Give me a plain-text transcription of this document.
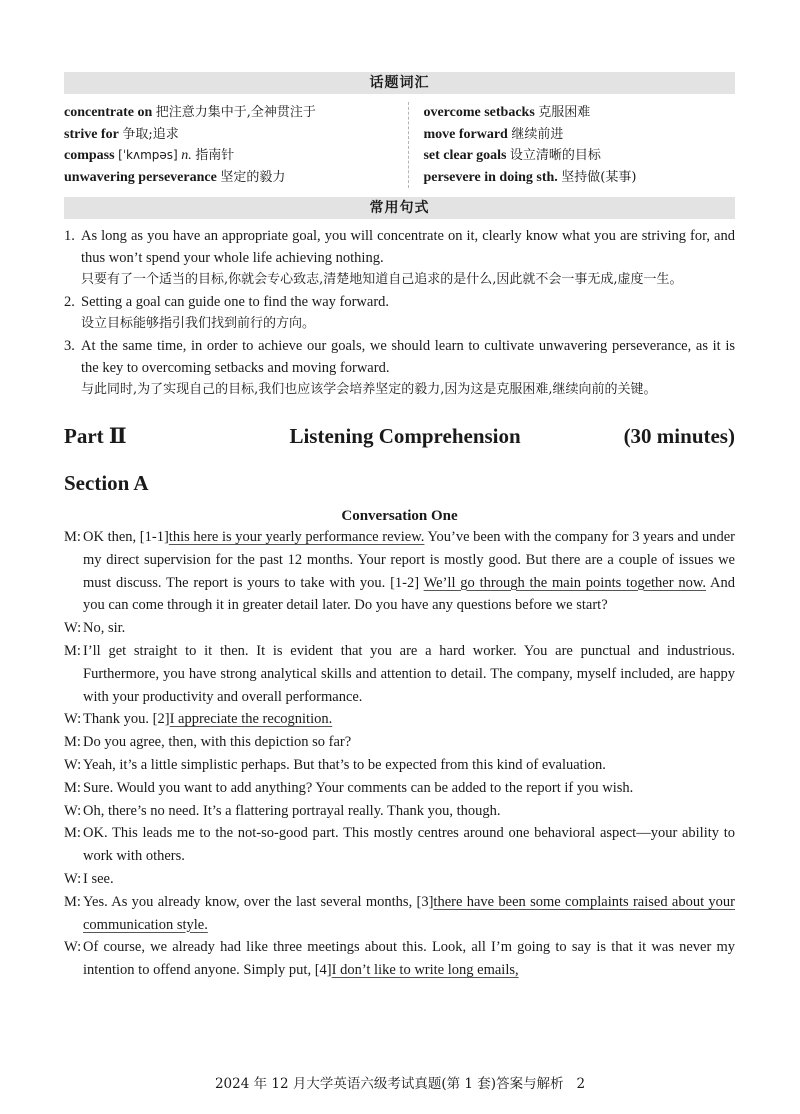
话题词汇
concentrate on 把注意力集中于,全神贯注于
strive for 争取;追求
compass [ˈkʌmpəs] n. 指南针
unwavering perseverance 坚定的毅力
overcome setbacks 克服困难
move forward 继续前进
set clear goals 设立清晰的目标
persevere in doing sth. 坚持做(某事)
常用句式
1. As long as you have an appropriate goal, you will concentrate on it, clearly know what you are striving for, and thus won’t spend your whole life achieving nothing.
只要有了一个适当的目标,你就会专心致志,清楚地知道自己追求的是什么,因此就不会一事无成,虚度一生。
2. Setting a goal can guide one to find the way forward.
设立目标能够指引我们找到前行的方向。
3. At the same time, in order to achieve our goals, we should learn to cultivate unwavering perseverance, as it is the key to overcoming setbacks and moving forward.
与此同时,为了实现自己的目标,我们也应该学会培养坚定的毅力,因为这是克服困难,继续向前的关键。
Part Ⅱ	Listening Comprehension	(30 minutes)
Section A
Conversation One
M: OK then, [1-1]this here is your yearly performance review. You’ve been with the company for 3 years and under my direct supervision for the past 12 months. Your report is mostly good. But there are a couple of issues we must discuss. The report is yours to take with you. [1-2] We’ll go through the main points together now. And you can come through it in greater detail later. Do you have any questions before we start?
W: No, sir.
M: I’ll get straight to it then. It is evident that you are a hard worker. You are punctual and industrious. Furthermore, you have strong analytical skills and attention to detail. The company, myself included, are happy with your productivity and overall performance.
W: Thank you. [2]I appreciate the recognition.
M: Do you agree, then, with this depiction so far?
W: Yeah, it’s a little simplistic perhaps. But that’s to be expected from this kind of evaluation.
M: Sure. Would you want to add anything? Your comments can be added to the report if you wish.
W: Oh, there’s no need. It’s a flattering portrayal really. Thank you, though.
M: OK. This leads me to the not-so-good part. This mostly centres around one behavioral aspect—your ability to work with others.
W: I see.
M: Yes. As you already know, over the last several months, [3]there have been some complaints raised about your communication style.
W: Of course, we already had like three meetings about this. Look, all I’m going to say is that it was never my intention to offend anyone. Simply put, [4]I don’t like to write long emails,
2024 年 12 月大学英语六级考试真题(第 1 套)答案与解析 2
